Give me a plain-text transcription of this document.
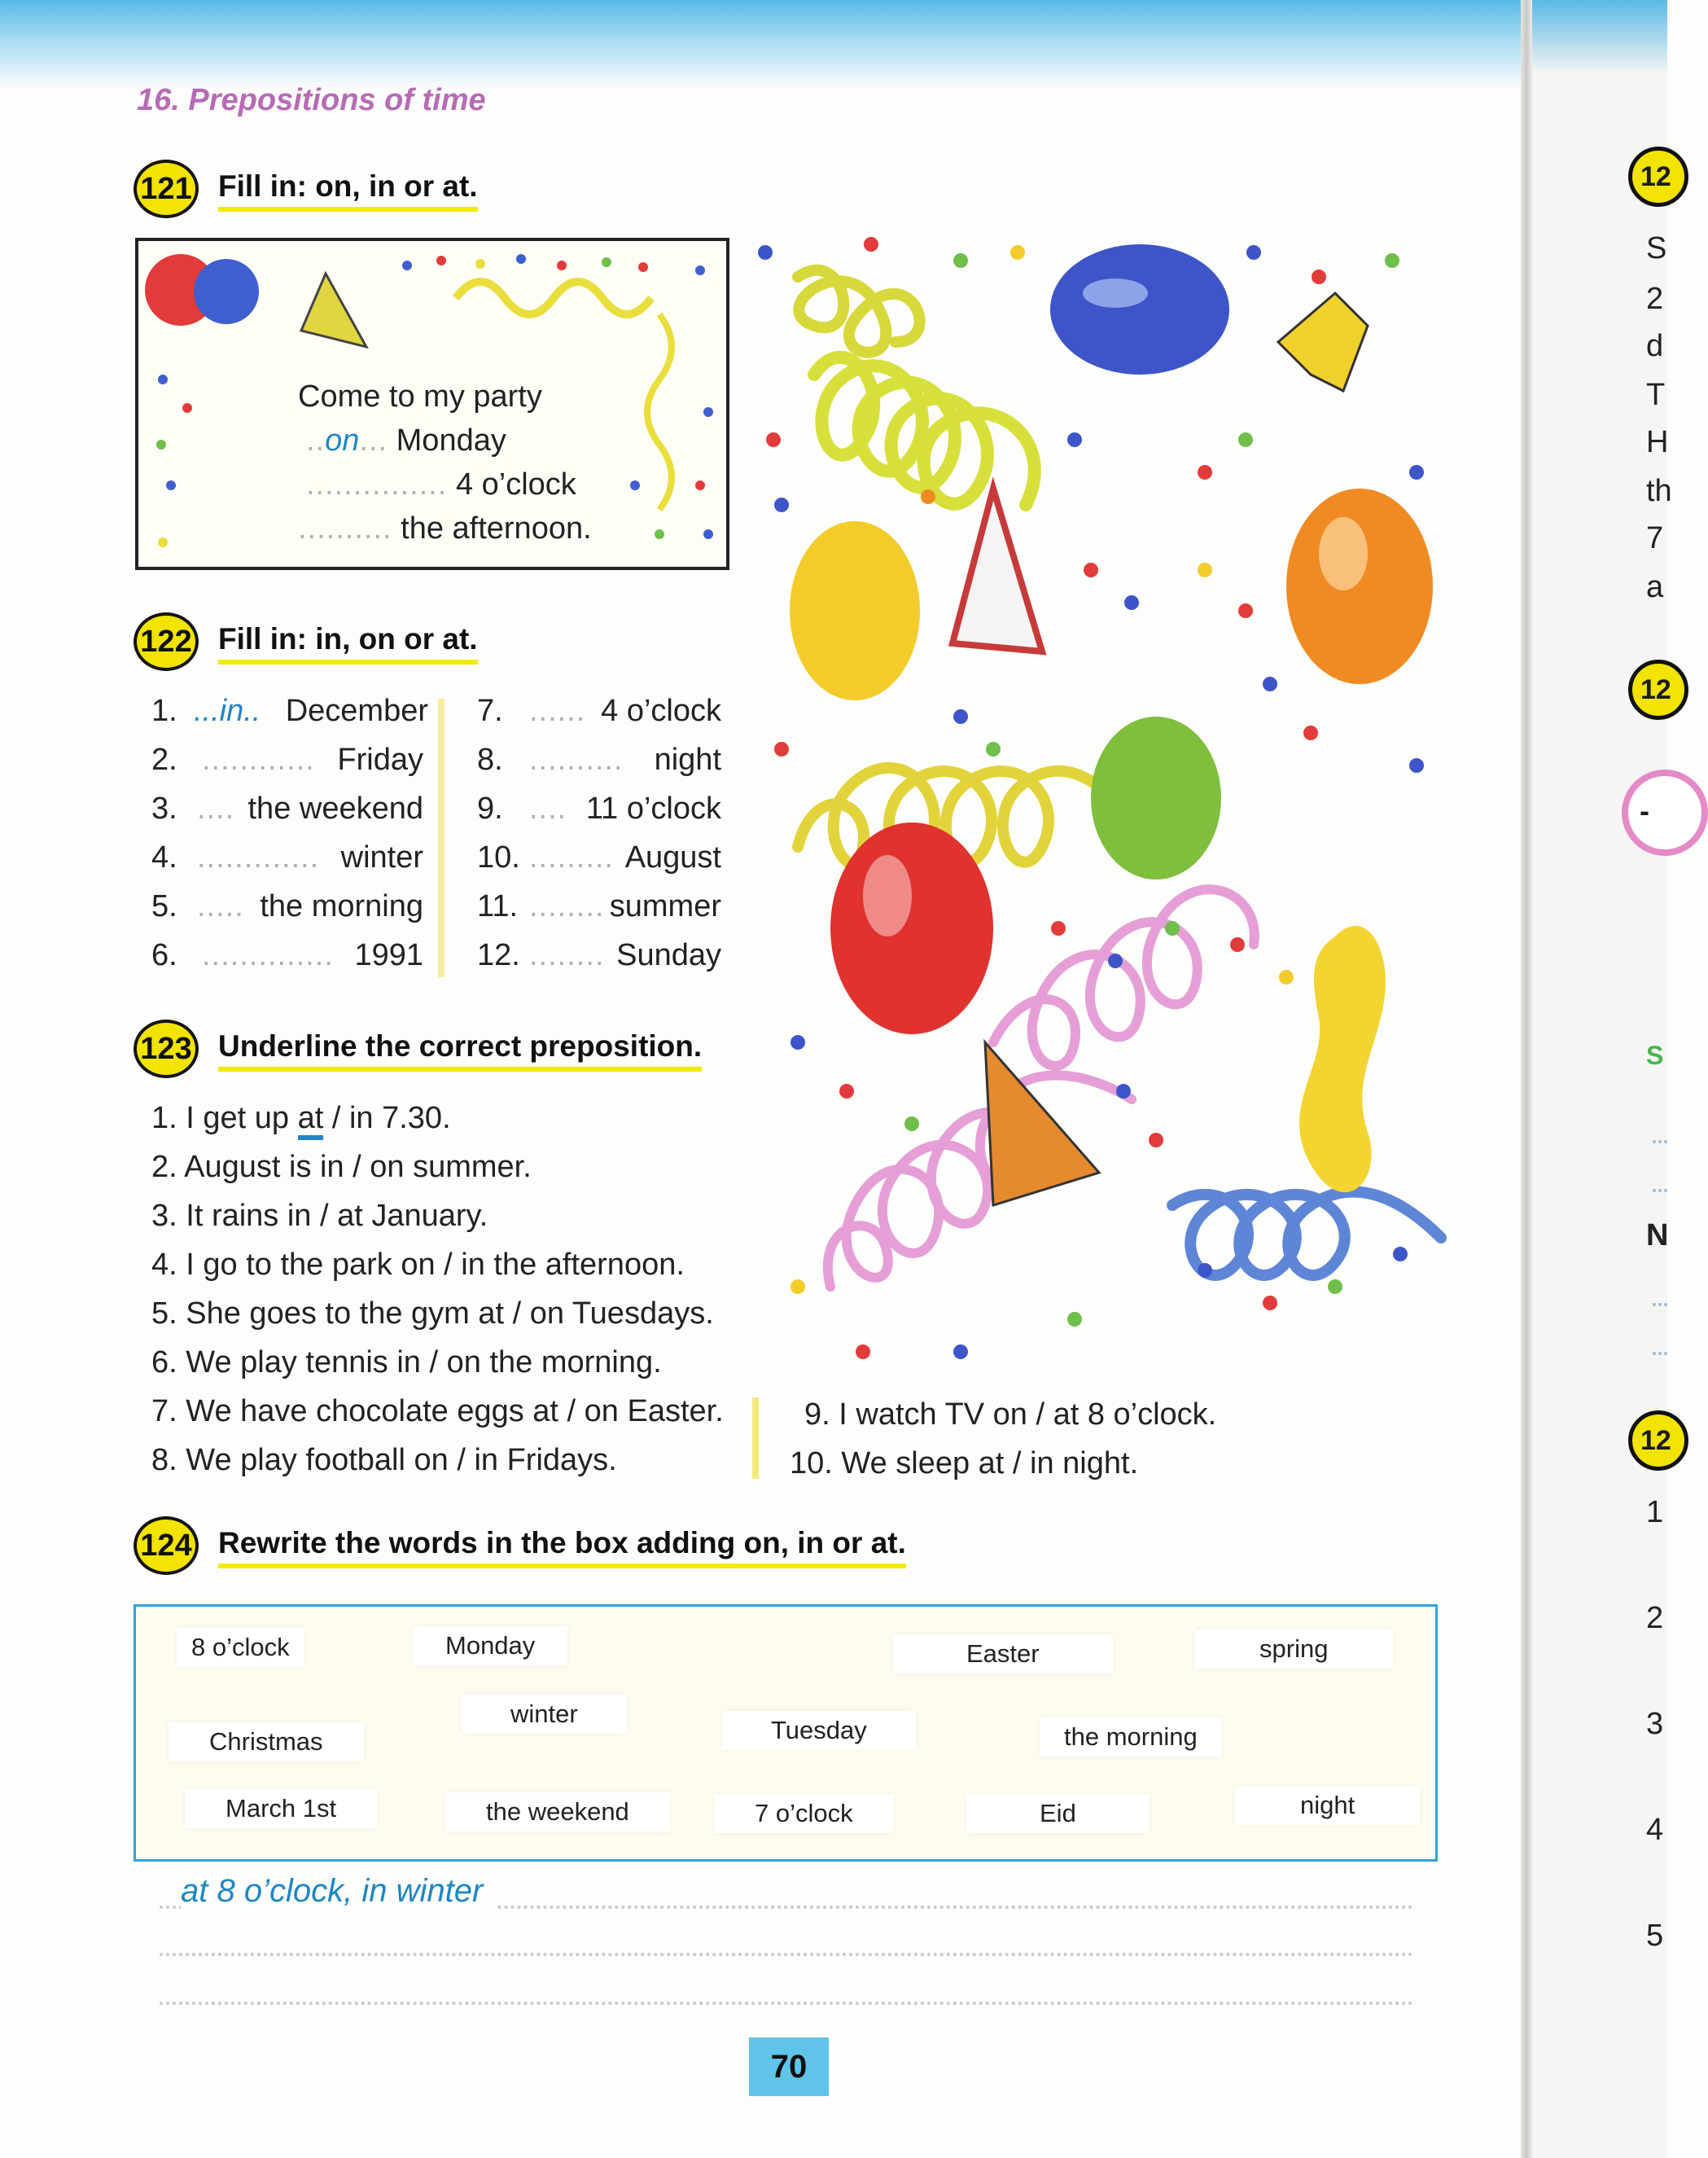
16. Prepositions of time
121 Fill in: on, in or at.
Come to my party
..on... Monday
............... 4 o’clock
.......... the afternoon.
122 Fill in: in, on or at.
1. ...in.. December
2. ............ Friday
3. .... the weekend
4. ............. winter
5. ..... the morning
6. .............. 1991
7. ...... 4 o’clock
8. .......... night
9. .... 11 o’clock
10. ......... August
11. ........ summer
12. ........ Sunday
123 Underline the correct preposition.
1. I get up at / in 7.30.
2. August is in / on summer.
3. It rains in / at January.
4. I go to the park on / in the afternoon.
5. She goes to the gym at / on Tuesdays.
6. We play tennis in / on the morning.
7. We have chocolate eggs at / on Easter.
8. We play football on / in Fridays.
9. I watch TV on / at 8 o’clock.
10. We sleep at / in night.
124 Rewrite the words in the box adding on, in or at.
8 o’clock	Monday	Easter	spring
Christmas
winter
Tuesday	the morning
March 1st	the weekend	7 o’clock	Eid	night
at 8 o’clock, in winter
70
12
S
2
d
T
H
th
7
a
12
-
S
N
12
1
2
3
4
5
